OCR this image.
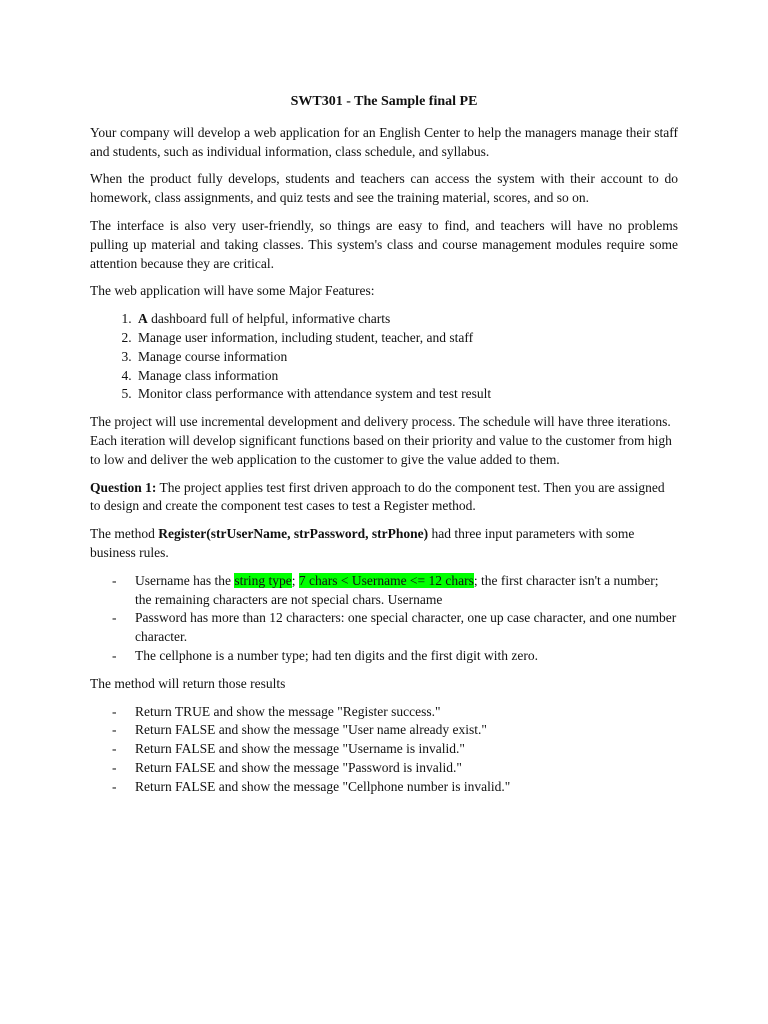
SWT301 - The Sample final PE

Your company will develop a web application for an English Center to help the managers manage their staff and students, such as individual information, class schedule, and syllabus.

When the product fully develops, students and teachers can access the system with their account to do homework, class assignments, and quiz tests and see the training material, scores, and so on.

The interface is also very user-friendly, so things are easy to find, and teachers will have no problems pulling up material and taking classes. This system's class and course management modules require some attention because they are critical.

The web application will have some Major Features:

1. A dashboard full of helpful, informative charts
2. Manage user information, including student, teacher, and staff
3. Manage course information
4. Manage class information
5. Monitor class performance with attendance system and test result

The project will use incremental development and delivery process. The schedule will have three iterations. Each iteration will develop significant functions based on their priority and value to the customer from high to low and deliver the web application to the customer to give the value added to them.

Question 1: The project applies test first driven approach to do the component test. Then you are assigned to design and create the component test cases to test a Register method.

The method Register(strUserName, strPassword, strPhone) had three input parameters with some business rules.

- Username has the string type; 7 chars < Username <= 12 chars; the first character isn't a number; the remaining characters are not special chars. Username
- Password has more than 12 characters: one special character, one up case character, and one number character.
- The cellphone is a number type; had ten digits and the first digit with zero.

The method will return those results

- Return TRUE and show the message "Register success."
- Return FALSE and show the message "User name already exist."
- Return FALSE and show the message "Username is invalid."
- Return FALSE and show the message "Password is invalid."
- Return FALSE and show the message "Cellphone number is invalid."
